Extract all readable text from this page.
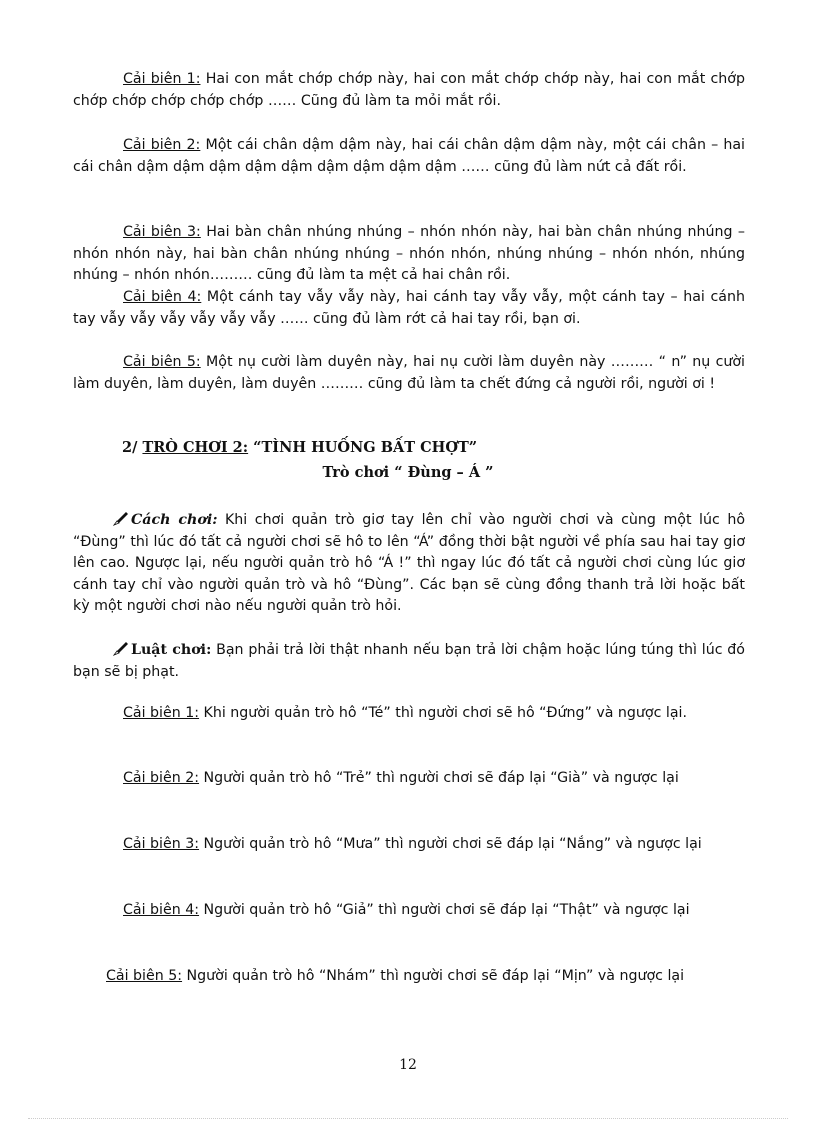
Cải biên 1: Hai con mắt chớp chớp này, hai con mắt chớp chớp này, hai con mắt chớp chớp chớp chớp chớp chớp …… Cũng đủ làm ta mỏi mắt rồi.

Cải biên 2: Một cái chân dậm dậm này, hai cái chân dậm dậm này, một cái chân – hai cái chân dậm dậm dậm dậm dậm dậm dậm dậm dậm …… cũng đủ làm nứt cả đất rồi.

Cải biên 3: Hai bàn chân nhúng nhúng – nhón nhón này, hai bàn chân nhúng nhúng – nhón nhón này, hai bàn chân nhúng nhúng – nhón nhón, nhúng nhúng – nhón nhón, nhúng nhúng – nhón nhón……… cũng đủ làm ta mệt cả hai chân rồi.

Cải biên 4: Một cánh tay vẫy vẫy này, hai cánh tay vẫy vẫy, một cánh tay – hai cánh tay vẫy vẫy vẫy vẫy vẫy vẫy …… cũng đủ làm rớt cả hai tay rồi, bạn ơi.

Cải biên 5: Một nụ cười làm duyên này, hai nụ cười làm duyên này ……… “ n” nụ cười làm duyên, làm duyên, làm duyên ……… cũng đủ làm ta chết đứng cả người rồi, người ơi !

2/ TRÒ CHƠI 2: “TÌNH HUỐNG BẤT CHỢT”
Trò chơi “ Đùng – Á ”

Cách chơi: Khi chơi quản trò giơ tay lên chỉ vào người chơi và cùng một lúc hô “Đùng” thì lúc đó tất cả người chơi sẽ hô to lên “Á” đồng thời bật người về phía sau hai tay giơ lên cao. Ngược lại, nếu người quản trò hô “Á !” thì ngay lúc đó tất cả người chơi cùng lúc giơ cánh tay chỉ vào người quản trò và hô “Đùng”. Các bạn sẽ cùng đồng thanh trả lời hoặc bất kỳ một người chơi nào nếu người quản trò hỏi.

Luật chơi: Bạn phải trả lời thật nhanh nếu bạn trả lời chậm hoặc lúng túng thì lúc đó bạn sẽ bị phạt.

Cải biên 1: Khi người quản trò hô “Té” thì người chơi sẽ hô “Đứng” và ngược lại.

Cải biên 2: Người quản trò hô “Trẻ” thì người chơi sẽ đáp lại “Già” và ngược lại

Cải biên 3: Người quản trò hô “Mưa” thì người chơi sẽ đáp lại “Nắng” và ngược lại

Cải biên 4: Người quản trò hô “Giả” thì người chơi sẽ đáp lại “Thật” và ngược lại

Cải biên 5: Người quản trò hô “Nhám” thì người chơi sẽ đáp lại “Mịn” và ngược lại

12
